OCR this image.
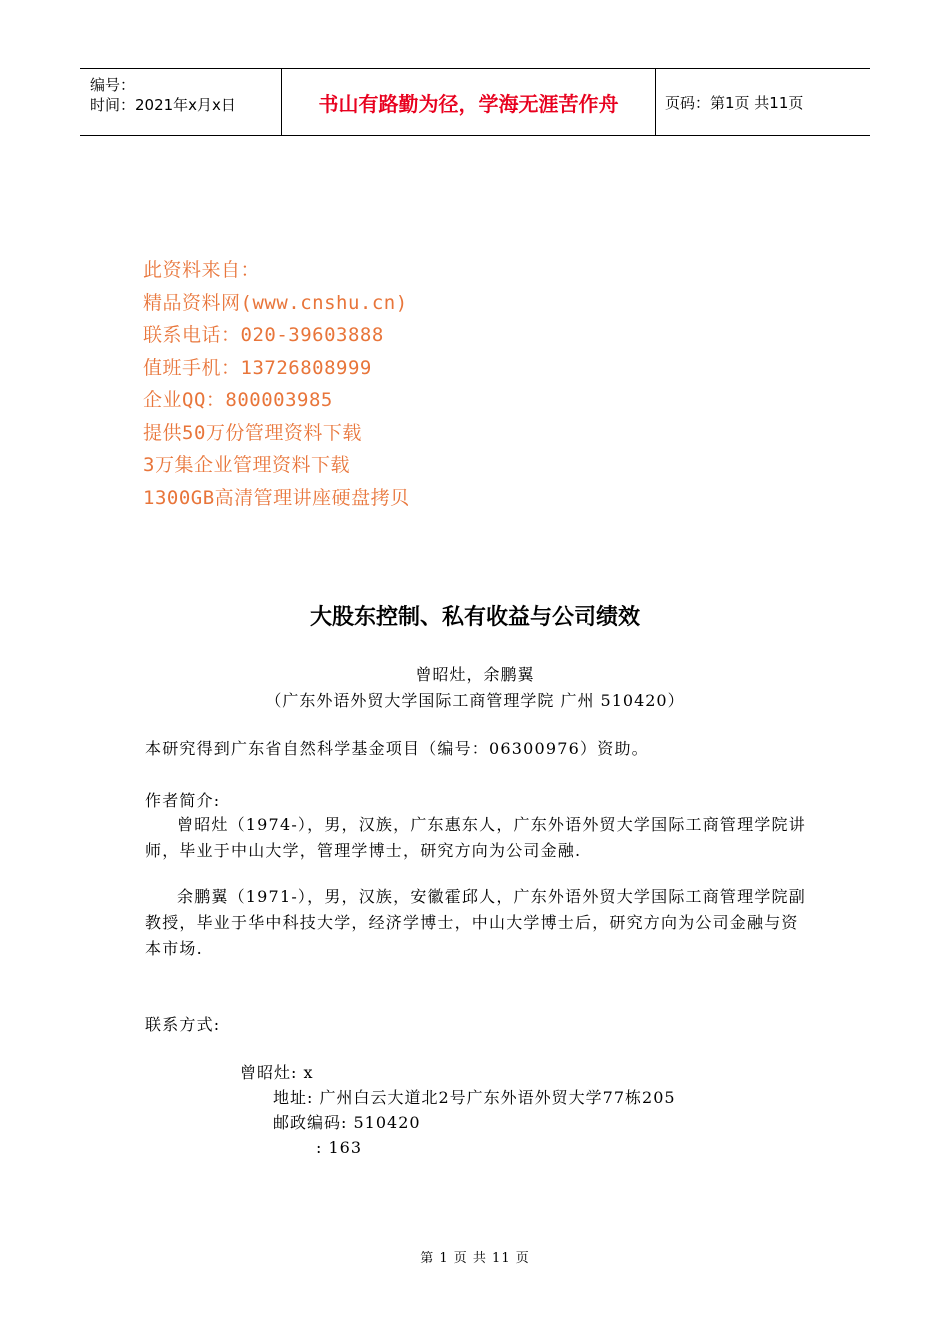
编号：
时间：2021年x月x日	书山有路勤为径，学海无涯苦作舟	页码：第1页 共11页
此资料来自：
精品资料网(www.cnshu.cn)
联系电话：020-39603888
值班手机：13726808999
企业QQ：800003985
提供50万份管理资料下载
3万集企业管理资料下载
1300GB高清管理讲座硬盘拷贝
大股东控制、私有收益与公司绩效
曾昭灶，余鹏翼
（广东外语外贸大学国际工商管理学院 广州 510420）
本研究得到广东省自然科学基金项目（编号：06300976）资助。
作者简介:
曾昭灶（1974-），男，汉族，广东惠东人，广东外语外贸大学国际工商管理学院讲师，毕业于中山大学，管理学博士，研究方向为公司金融.
余鹏翼（1971-），男，汉族，安徽霍邱人，广东外语外贸大学国际工商管理学院副教授，毕业于华中科技大学，经济学博士，中山大学博士后，研究方向为公司金融与资本市场.
联系方式:
曾昭灶: x
地址: 广州白云大道北2号广东外语外贸大学77栋205
邮政编码: 510420
: 163
第 1 页 共 11 页
